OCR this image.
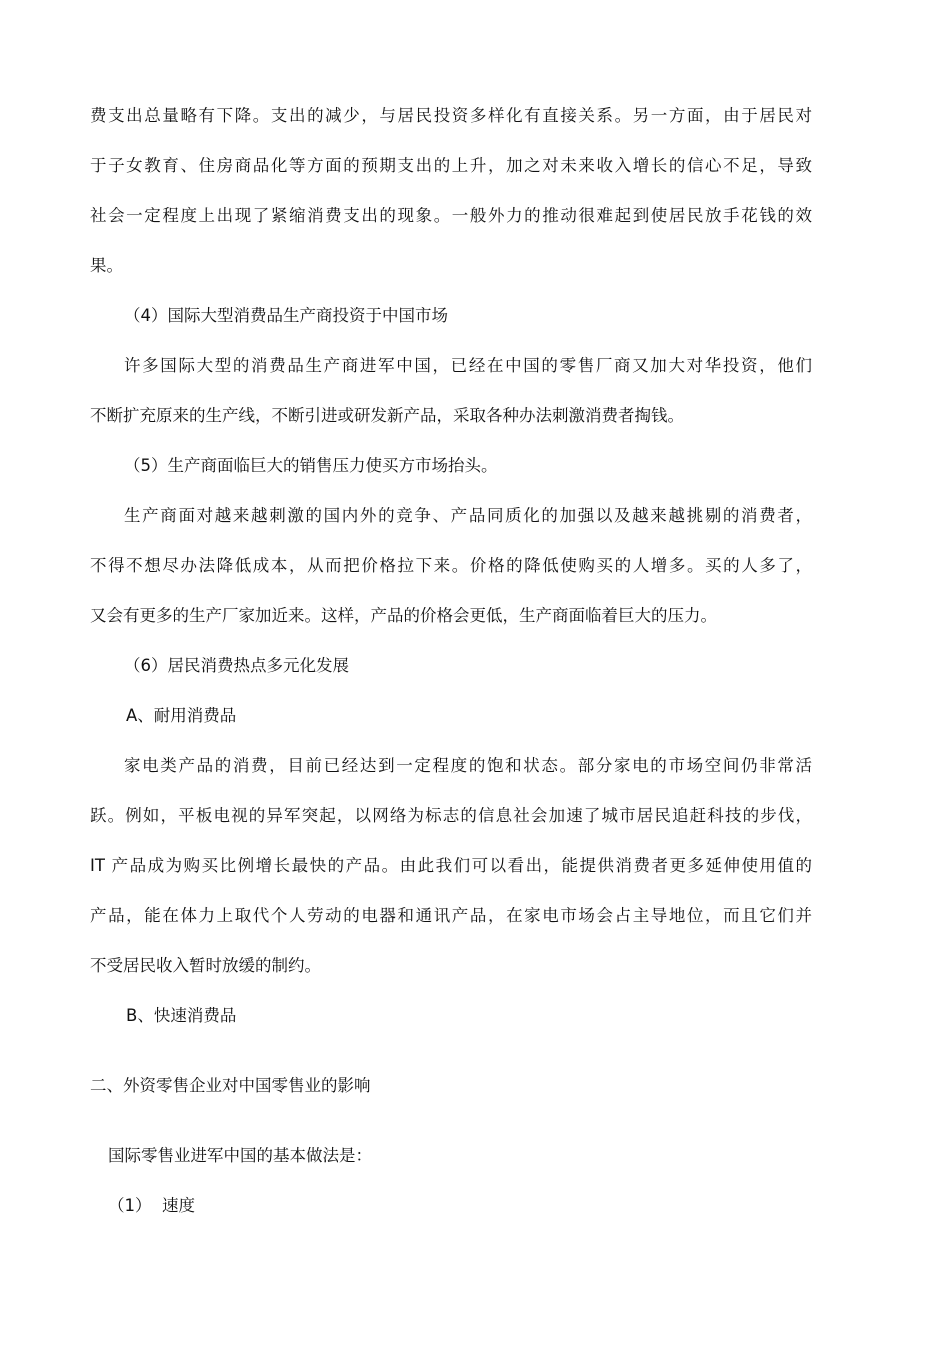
费支出总量略有下降。支出的减少，与居民投资多样化有直接关系。另一方面，由于居民对
于子女教育、住房商品化等方面的预期支出的上升，加之对未来收入增长的信心不足，导致
社会一定程度上出现了紧缩消费支出的现象。一般外力的推动很难起到使居民放手花钱的效
果。
（4）国际大型消费品生产商投资于中国市场
许多国际大型的消费品生产商进军中国，已经在中国的零售厂商又加大对华投资，他们
不断扩充原来的生产线，不断引进或研发新产品，采取各种办法刺激消费者掏钱。
（5）生产商面临巨大的销售压力使买方市场抬头。
生产商面对越来越刺激的国内外的竞争、产品同质化的加强以及越来越挑剔的消费者，
不得不想尽办法降低成本，从而把价格拉下来。价格的降低使购买的人增多。买的人多了，
又会有更多的生产厂家加近来。这样，产品的价格会更低，生产商面临着巨大的压力。
（6）居民消费热点多元化发展
A、耐用消费品
家电类产品的消费，目前已经达到一定程度的饱和状态。部分家电的市场空间仍非常活
跃。例如，平板电视的异军突起，以网络为标志的信息社会加速了城市居民追赶科技的步伐，
IT 产品成为购买比例增长最快的产品。由此我们可以看出，能提供消费者更多延伸使用值的
产品，能在体力上取代个人劳动的电器和通讯产品，在家电市场会占主导地位，而且它们并
不受居民收入暂时放缓的制约。
B、快速消费品
二、外资零售企业对中国零售业的影响
国际零售业进军中国的基本做法是：
（1）  速度
